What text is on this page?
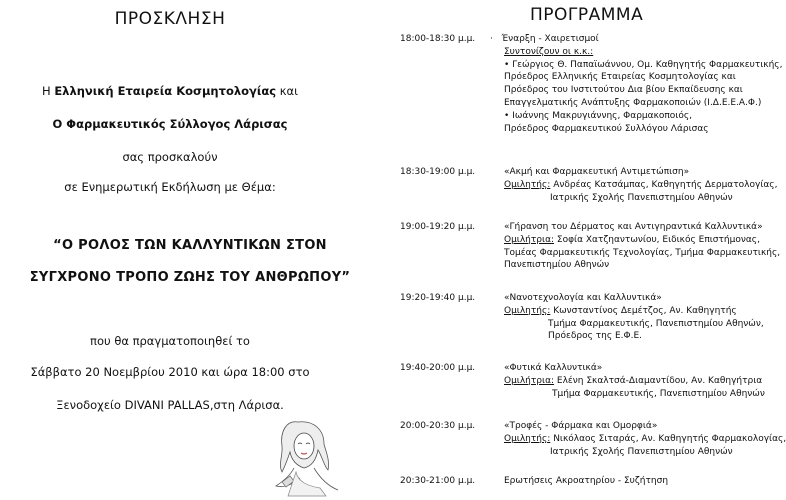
ΠΡΟΣΚΛΗΣΗ
Η Ελληνική Εταιρεία Κοσμητολογίας και
Ο Φαρμακευτικός Σύλλογος Λάρισας
σας προσκαλούν
σε Ενημερωτική Εκδήλωση με Θέμα:
“Ο ΡΟΛΟΣ ΤΩΝ ΚΑΛΛΥΝΤΙΚΩΝ ΣΤΟΝ
ΣΥΓΧΡΟΝΟ ΤΡΟΠΟ ΖΩΗΣ ΤΟΥ ΑΝΘΡΩΠΟΥ”
που θα πραγματοποιηθεί το
Σάββατο 20 Νοεμβρίου 2010 και ώρα 18:00 στο
Ξενοδοχείο DIVANI PALLAS,στη Λάρισα.
ΠΡΟΓΡΑΜΜΑ
18:00-18:30 μ.μ.	· Έναρξη - Χαιρετισμοί
Συντονίζουν οι κ.κ.:
• Γεώργιος Θ. Παπαϊωάννου, Ομ. Καθηγητής Φαρμακευτικής,
Πρόεδρος Ελληνικής Εταιρείας Κοσμητολογίας και
Πρόεδρος του Ινστιτούτου Δια βίου Εκπαίδευσης και
Επαγγελματικής Ανάπτυξης Φαρμακοποιών (Ι.Δ.Ε.Ε.Α.Φ.)
• Ιωάννης Μακρυγιάννης, Φαρμακοποιός,
Πρόεδρος Φαρμακευτικού Συλλόγου Λάρισας
18:30-19:00 μ.μ.	«Ακμή και Φαρμακευτική Αντιμετώπιση»
Ομιλητής: Ανδρέας Κατσάμπας, Καθηγητής Δερματολογίας,
Ιατρικής Σχολής Πανεπιστημίου Αθηνών
19:00-19:20 μ.μ.	«Γήρανση του Δέρματος και Αντιγηραντικά Καλλυντικά»
Ομιλήτρια: Σοφία Χατζηαντωνίου, Ειδικός Επιστήμονας,
Τομέας Φαρμακευτικής Τεχνολογίας, Τμήμα Φαρμακευτικής,
Πανεπιστημίου Αθηνών
19:20-19:40 μ.μ.	«Νανοτεχνολογία και Καλλυντικά»
Ομιλητής: Κωνσταντίνος Δεμέτζος, Αν. Καθηγητής
Τμήμα Φαρμακευτικής, Πανεπιστημίου Αθηνών,
Πρόεδρος της Ε.Φ.Ε.
19:40-20:00 μ.μ.	«Φυτικά Καλλυντικά»
Ομιλήτρια: Ελένη Σκαλτσά-Διαμαντίδου, Αν. Καθηγήτρια
Τμήμα Φαρμακευτικής, Πανεπιστημίου Αθηνών
20:00-20:30 μ.μ.	«Τροφές - Φάρμακα και Ομορφιά»
Ομιλητής: Νικόλαος Σιταράς, Αν. Καθηγητής Φαρμακολογίας,
Ιατρικής Σχολής Πανεπιστημίου Αθηνών
20:30-21:00 μ.μ.	Ερωτήσεις Ακροατηρίου - Συζήτηση
